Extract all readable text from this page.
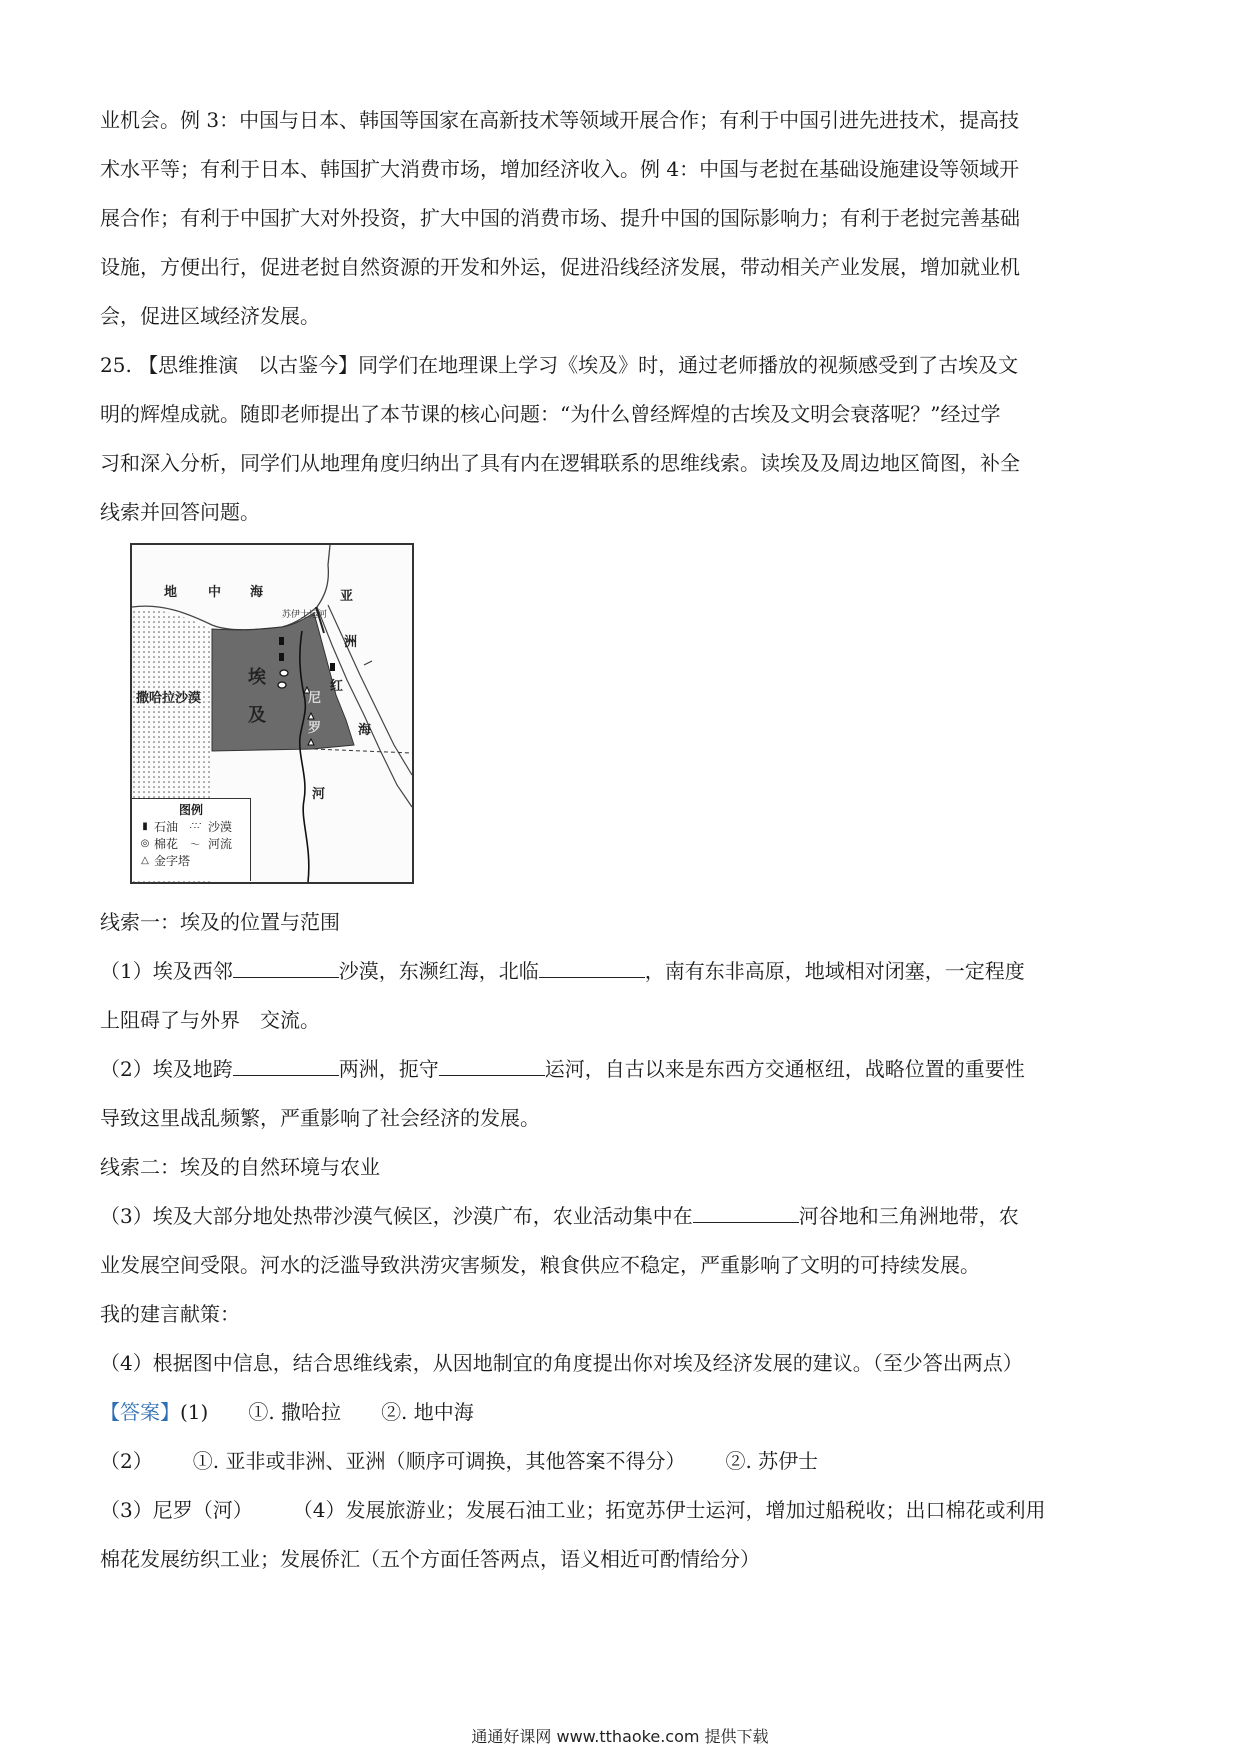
业机会。例 3：中国与日本、韩国等国家在高新技术等领域开展合作；有利于中国引进先进技术，提高技
术水平等；有利于日本、韩国扩大消费市场，增加经济收入。例 4：中国与老挝在基础设施建设等领域开
展合作；有利于中国扩大对外投资，扩大中国的消费市场、提升中国的国际影响力；有利于老挝完善基础
设施，方便出行，促进老挝自然资源的开发和外运，促进沿线经济发展，带动相关产业发展，增加就业机
会，促进区域经济发展。
25. 【思维推演　以古鉴今】同学们在地理课上学习《埃及》时，通过老师播放的视频感受到了古埃及文
明的辉煌成就。随即老师提出了本节课的核心问题：“为什么曾经辉煌的古埃及文明会衰落呢？”经过学
习和深入分析，同学们从地理角度归纳出了具有内在逻辑联系的思维线索。读埃及及周边地区简图，补全
线索并回答问题。
地 中 海	亚
洲
苏伊士运河
红
海
撒哈拉沙漠
埃
及
尼
罗
河
图例
▮ 石油	∴∵ 沙漠
◎ 棉花	〜 河流
△ 金字塔
线索一：埃及的位置与范围
（1）埃及西邻	沙漠，东濒红海，北临	，南有东非高原，地域相对闭塞，一定程度
上阻碍了与外界　交流。
（2）埃及地跨	两洲，扼守	运河，自古以来是东西方交通枢纽，战略位置的重要性
导致这里战乱频繁，严重影响了社会经济的发展。
线索二：埃及的自然环境与农业
（3）埃及大部分地处热带沙漠气候区，沙漠广布，农业活动集中在	河谷地和三角洲地带，农
业发展空间受限。河水的泛滥导致洪涝灾害频发，粮食供应不稳定，严重影响了文明的可持续发展。
我的建言献策：
（4）根据图中信息，结合思维线索，从因地制宜的角度提出你对埃及经济发展的建议。（至少答出两点）
【答案】(1) ①. 撒哈拉 ②. 地中海
（2） ①. 亚非或非洲、亚洲（顺序可调换，其他答案不得分） ②. 苏伊士
（3）尼罗（河） （4）发展旅游业；发展石油工业；拓宽苏伊士运河，增加过船税收；出口棉花或利用
棉花发展纺织工业；发展侨汇（五个方面任答两点，语义相近可酌情给分）
通通好课网 www.tthaoke.com 提供下载
